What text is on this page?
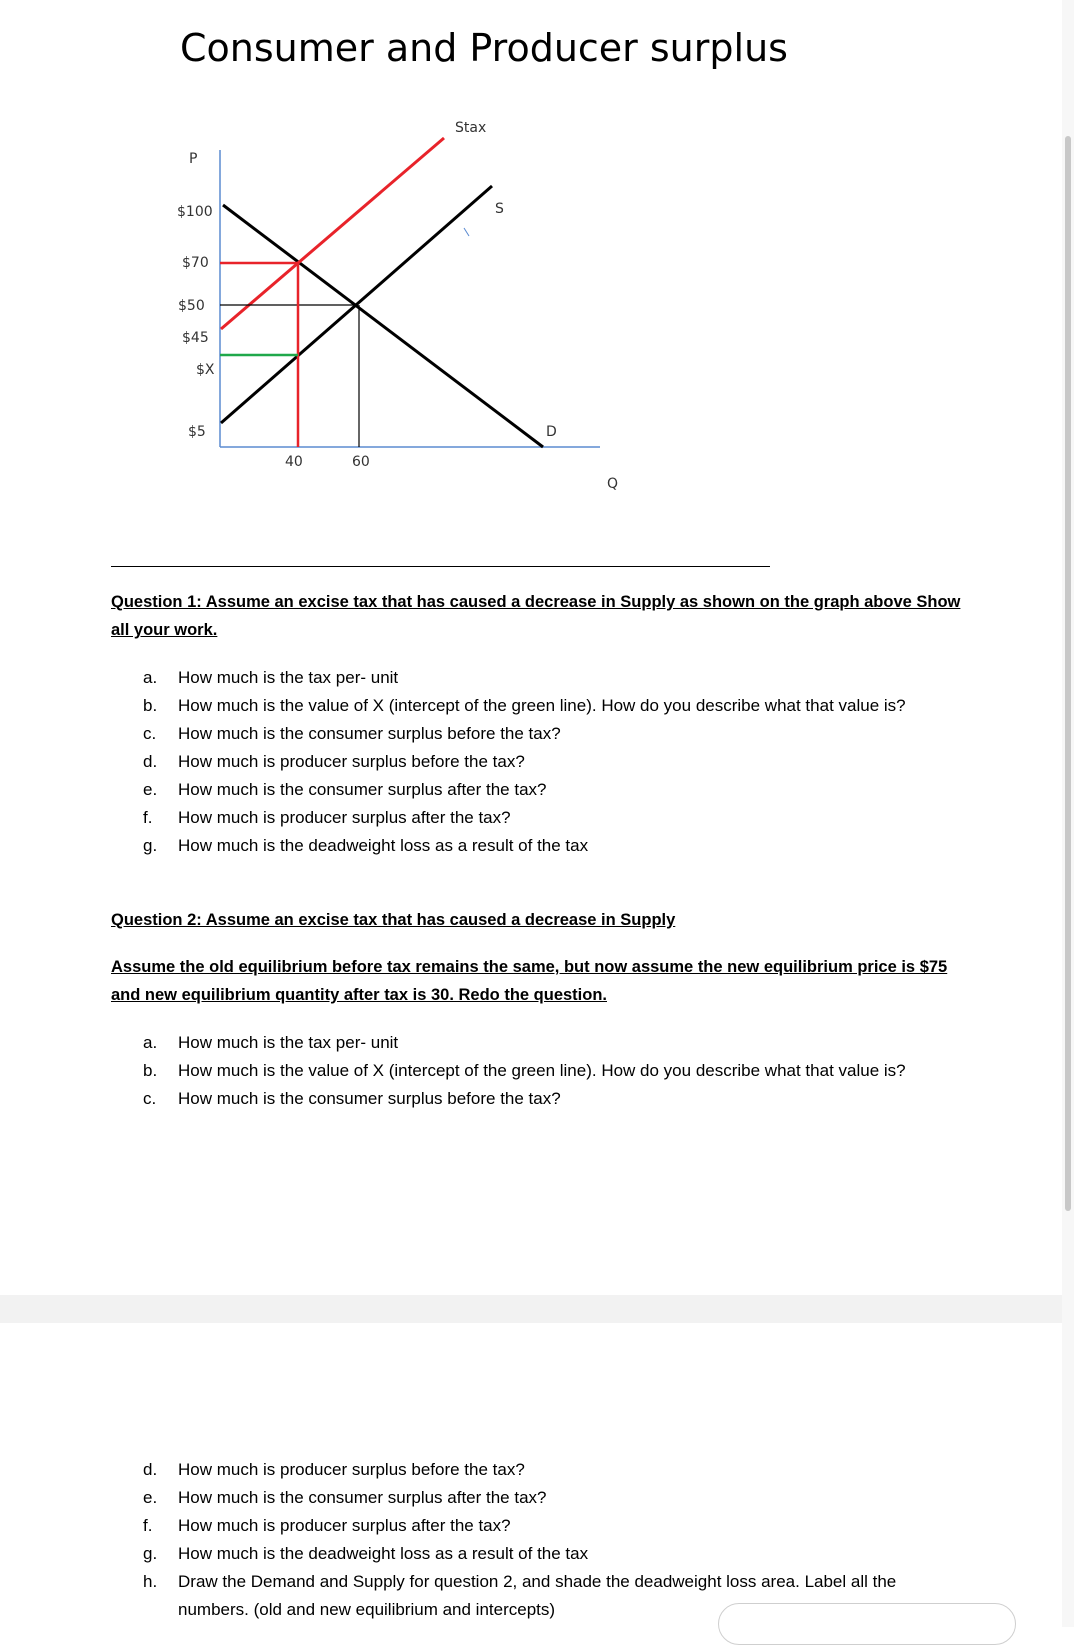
Consumer and Producer surplus
P
Q
$100
$70
$50
$45
$X
$5
40	60
Stax
S
D

Question 1: Assume an excise tax that has caused a decrease in Supply as shown on the graph above Show all your work.

a. How much is the tax per- unit
b. How much is the value of X (intercept of the green line). How do you describe what that value is?
c. How much is the consumer surplus before the tax?
d. How much is producer surplus before the tax?
e. How much is the consumer surplus after the tax?
f. How much is producer surplus after the tax?
g. How much is the deadweight loss as a result of the tax

Question 2: Assume an excise tax that has caused a decrease in Supply

Assume the old equilibrium before tax remains the same, but now assume the new equilibrium price is $75 and new equilibrium quantity after tax is 30. Redo the question.

a. How much is the tax per- unit
b. How much is the value of X (intercept of the green line). How do you describe what that value is?
c. How much is the consumer surplus before the tax?
d. How much is producer surplus before the tax?
e. How much is the consumer surplus after the tax?
f. How much is producer surplus after the tax?
g. How much is the deadweight loss as a result of the tax
h. Draw the Demand and Supply for question 2, and shade the deadweight loss area. Label all the numbers. (old and new equilibrium and intercepts)
